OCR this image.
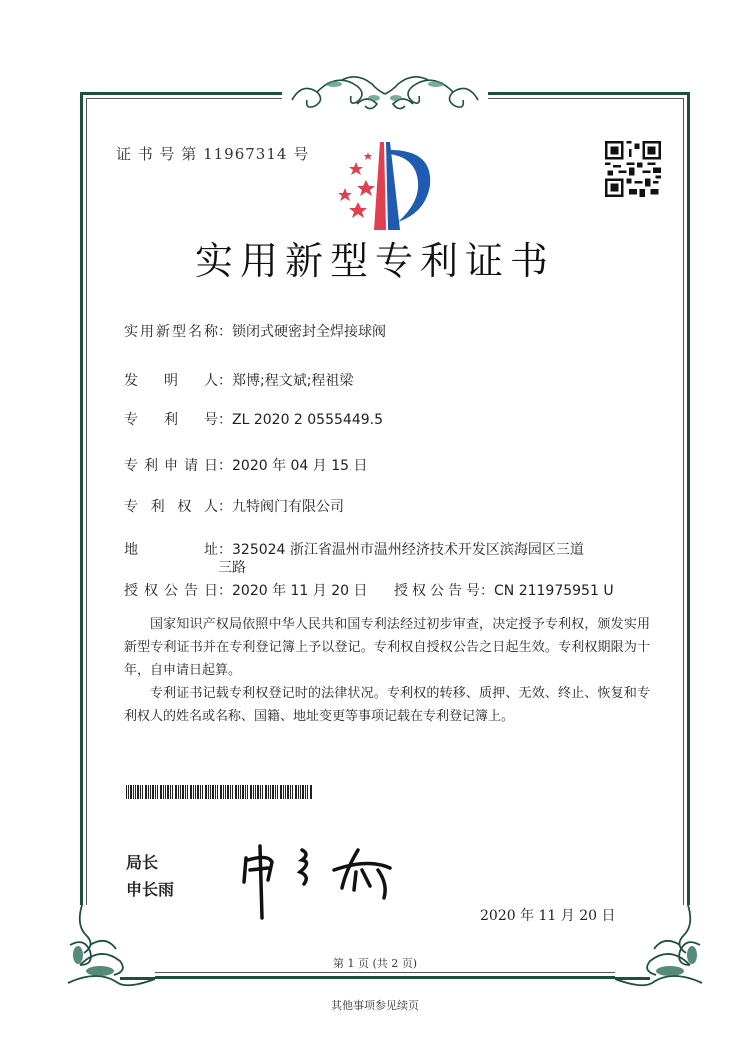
证 书 号 第 11967314 号
实用新型专利证书
实用新型名称：锁闭式硬密封全焊接球阀
发明人：郑博;程文斌;程祖梁
专利号：ZL 2020 2 0555449.5
专利申请日：2020 年 04 月 15 日
专利权人：九特阀门有限公司
地址：325024 浙江省温州市温州经济技术开发区滨海园区三道
三路
授权公告日：2020 年 11 月 20 日 授权公告号：CN 211975951 U
国家知识产权局依照中华人民共和国专利法经过初步审查，决定授予专利权，颁发实用新型专利证书并在专利登记簿上予以登记。专利权自授权公告之日起生效。专利权期限为十年，自申请日起算。
专利证书记载专利权登记时的法律状况。专利权的转移、质押、无效、终止、恢复和专利权人的姓名或名称、国籍、地址变更等事项记载在专利登记簿上。
局长
申长雨
2020 年 11 月 20 日
第 1 页 (共 2 页)
其他事项参见续页
